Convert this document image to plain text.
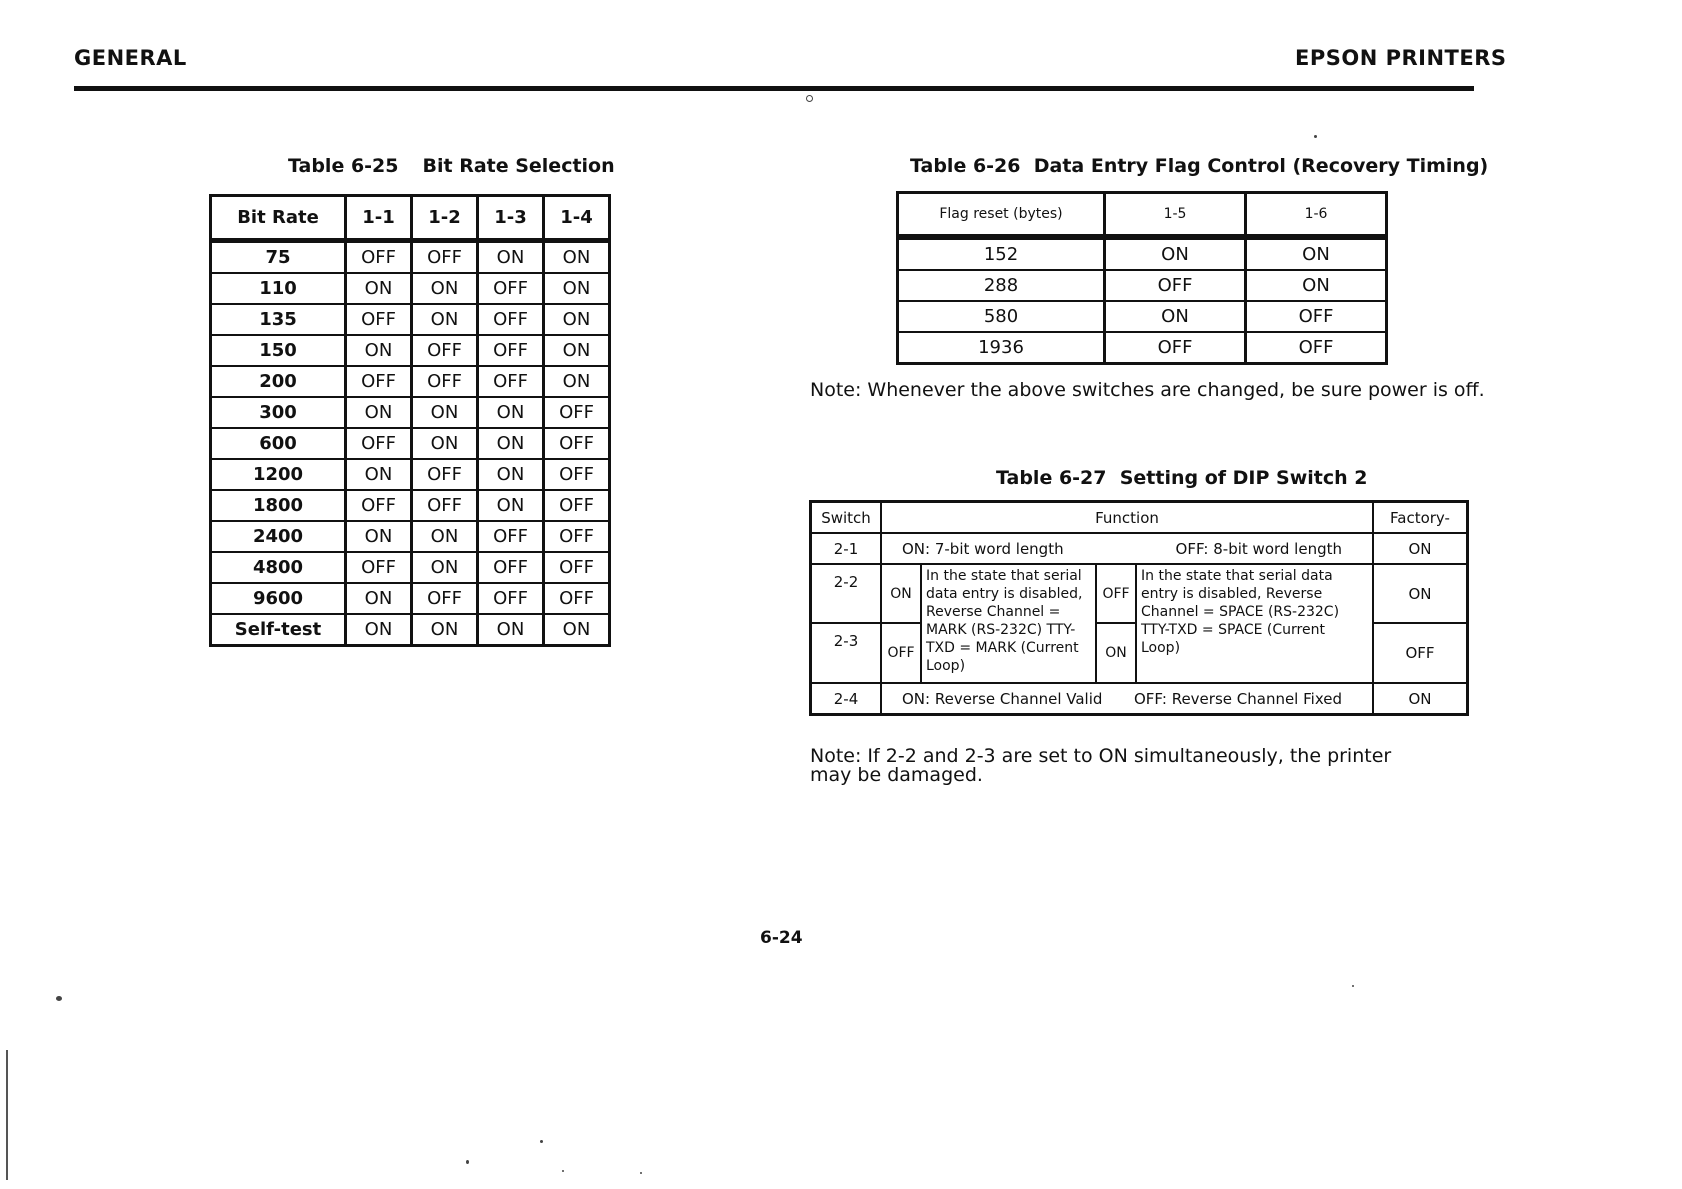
GENERAL	EPSON PRINTERS
Table 6-25 Bit Rate Selection
Bit Rate	1-1	1-2	1-3	1-4
75	OFF	OFF	ON	ON
110	ON	ON	OFF	ON
135	OFF	ON	OFF	ON
150	ON	OFF	OFF	ON
200	OFF	OFF	OFF	ON
300	ON	ON	ON	OFF
600	OFF	ON	ON	OFF
1200	ON	OFF	ON	OFF
1800	OFF	OFF	ON	OFF
2400	ON	ON	OFF	OFF
4800	OFF	ON	OFF	OFF
9600	ON	OFF	OFF	OFF
Self-test	ON	ON	ON	ON
Table 6-26 Data Entry Flag Control (Recovery Timing)
Flag reset (bytes)	1-5	1-6
152	ON	ON
288	OFF	ON
580	ON	OFF
1936	OFF	OFF
Note: Whenever the above switches are changed, be sure power is off.
Table 6-27 Setting of DIP Switch 2
Switch	Function				Factory-
2-1	ON: 7-bit word length OFF: 8-bit word length				ON
2-2	ON	In the state that serial data entry is disabled, Reverse Channel = MARK (RS-232C) TTY-TXD = MARK (Current Loop)	OFF	In the state that serial data entry is disabled, Reverse Channel = SPACE (RS-232C) TTY-TXD = SPACE (Current Loop)	ON
2-3	OFF		ON		OFF
2-4	ON: Reverse Channel Valid OFF: Reverse Channel Fixed				ON
Note: If 2-2 and 2-3 are set to ON simultaneously, the printer may be damaged.
6-24
